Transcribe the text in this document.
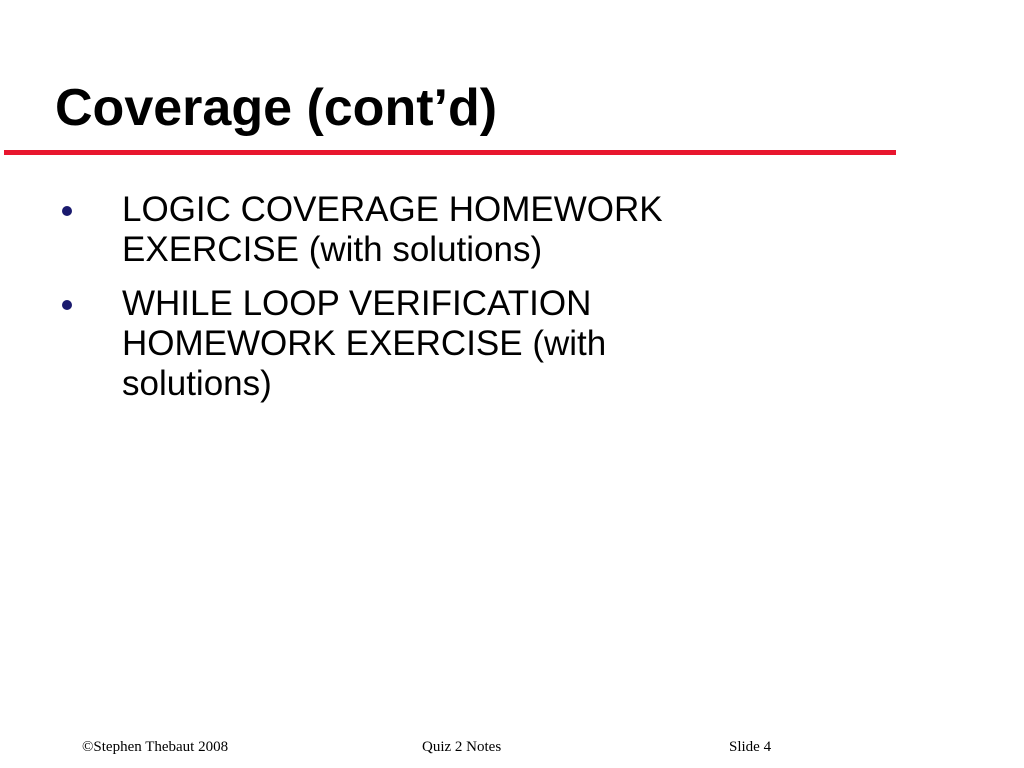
Coverage (cont’d)
LOGIC COVERAGE HOMEWORK EXERCISE (with solutions)
WHILE LOOP VERIFICATION HOMEWORK EXERCISE (with solutions)
©Stephen Thebaut 2008	Quiz 2 Notes	Slide 4
